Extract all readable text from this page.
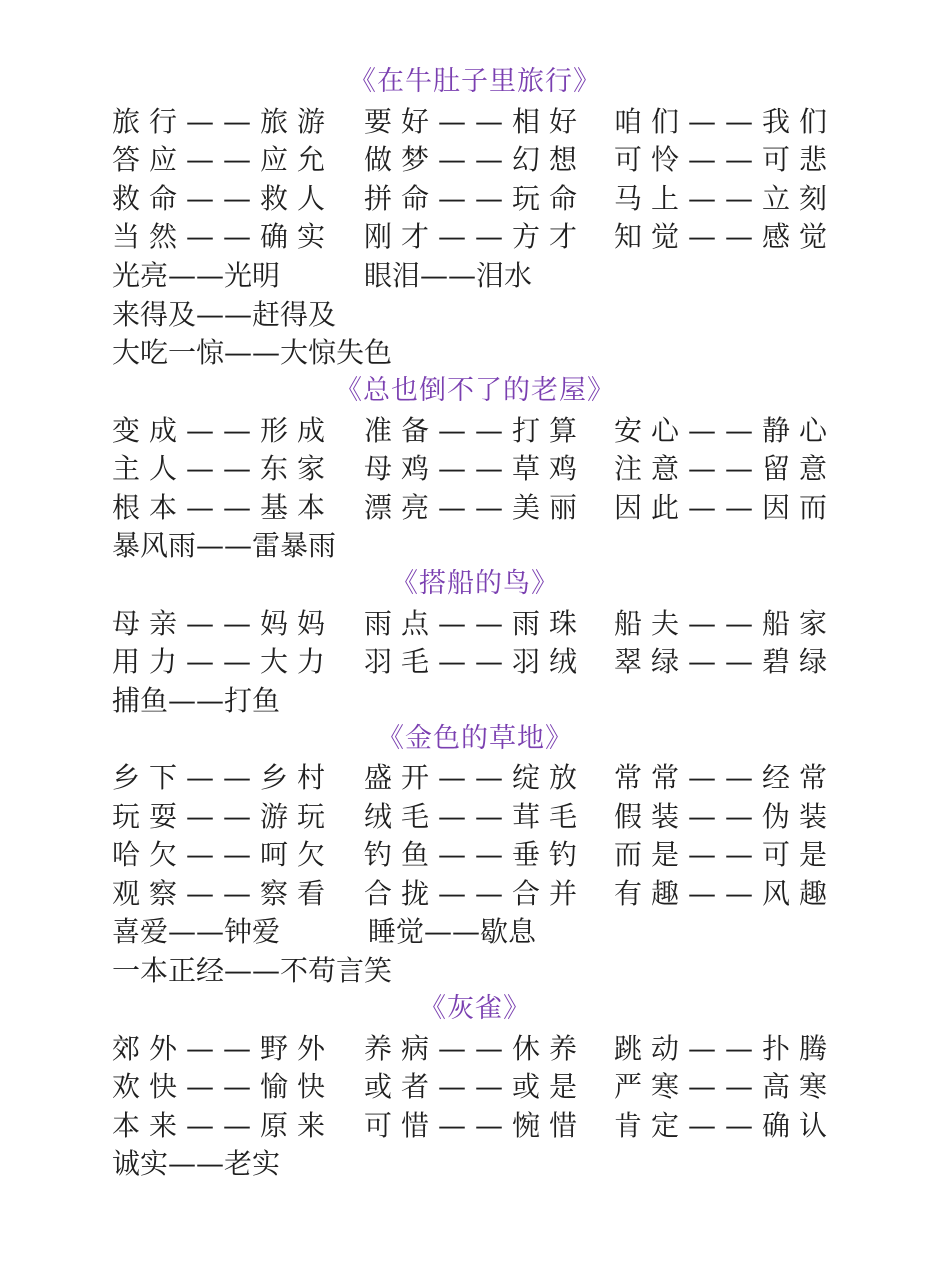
《在牛肚子里旅行》
旅行——旅游 要好——相好 咱们——我们
答应——应允 做梦——幻想 可怜——可悲
救命——救人 拼命——玩命 马上——立刻
当然——确实 刚才——方才 知觉——感觉
光亮——光明	眼泪——泪水
来得及——赶得及
大吃一惊——大惊失色
《总也倒不了的老屋》
变成——形成 准备——打算 安心——静心
主人——东家 母鸡——草鸡 注意——留意
根本——基本 漂亮——美丽 因此——因而
暴风雨——雷暴雨
《搭船的鸟》
母亲——妈妈 雨点——雨珠 船夫——船家
用力——大力 羽毛——羽绒 翠绿——碧绿
捕鱼——打鱼
《金色的草地》
乡下——乡村 盛开——绽放 常常——经常
玩耍——游玩 绒毛——茸毛 假装——伪装
哈欠——呵欠 钓鱼——垂钓 而是——可是
观察——察看 合拢——合并 有趣——风趣
喜爱——钟爱	睡觉——歇息
一本正经——不苟言笑
《灰雀》
郊外——野外 养病——休养 跳动——扑腾
欢快——愉快 或者——或是 严寒——高寒
本来——原来 可惜——惋惜 肯定——确认
诚实——老实
